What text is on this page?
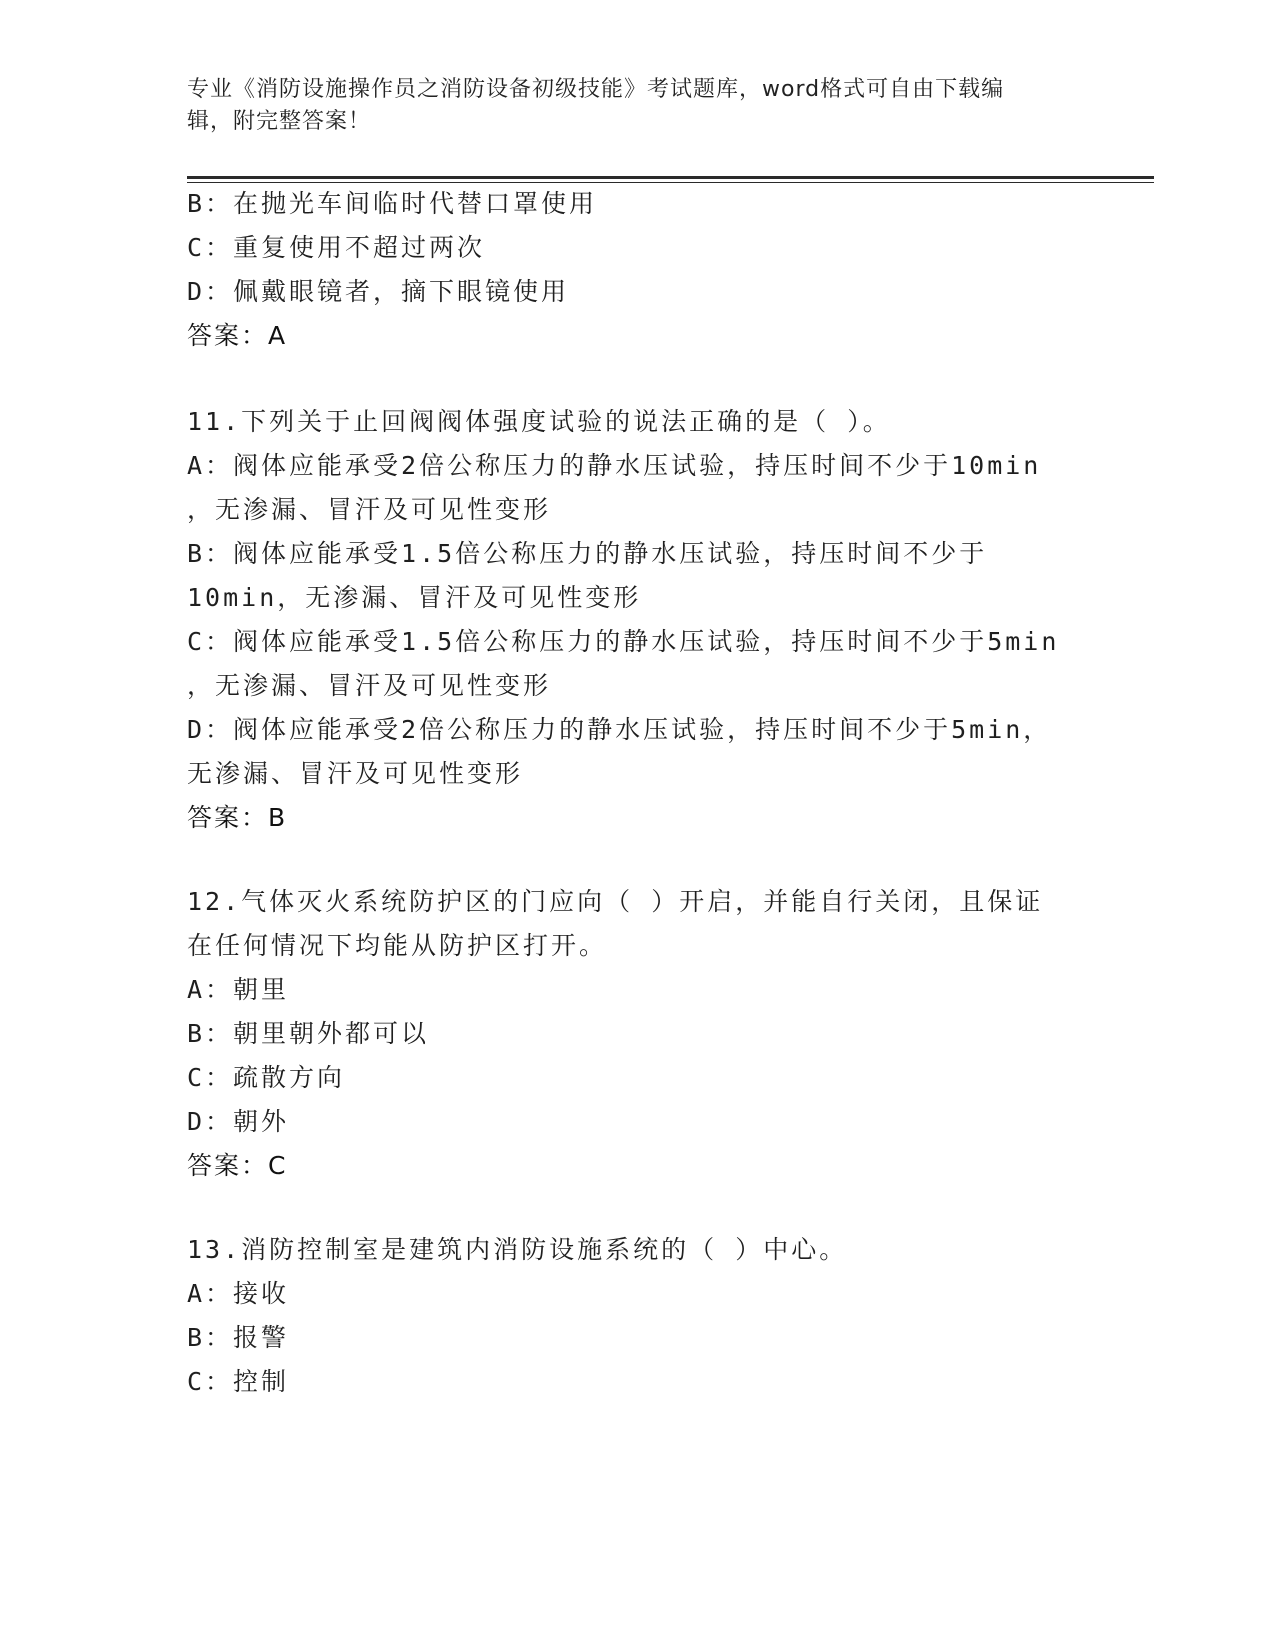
专业《消防设施操作员之消防设备初级技能》考试题库，word格式可自由下载编
辑，附完整答案！
B：在抛光车间临时代替口罩使用
C：重复使用不超过两次
D：佩戴眼镜者，摘下眼镜使用
答案：A
11.下列关于止回阀阀体强度试验的说法正确的是（ ）。
A：阀体应能承受2倍公称压力的静水压试验，持压时间不少于10min
，无渗漏、冒汗及可见性变形
B：阀体应能承受1.5倍公称压力的静水压试验，持压时间不少于
10min，无渗漏、冒汗及可见性变形
C：阀体应能承受1.5倍公称压力的静水压试验，持压时间不少于5min
，无渗漏、冒汗及可见性变形
D：阀体应能承受2倍公称压力的静水压试验，持压时间不少于5min，
无渗漏、冒汗及可见性变形
答案：B
12.气体灭火系统防护区的门应向（ ）开启，并能自行关闭，且保证
在任何情况下均能从防护区打开。
A：朝里
B：朝里朝外都可以
C：疏散方向
D：朝外
答案：C
13.消防控制室是建筑内消防设施系统的（ ）中心。
A：接收
B：报警
C：控制
